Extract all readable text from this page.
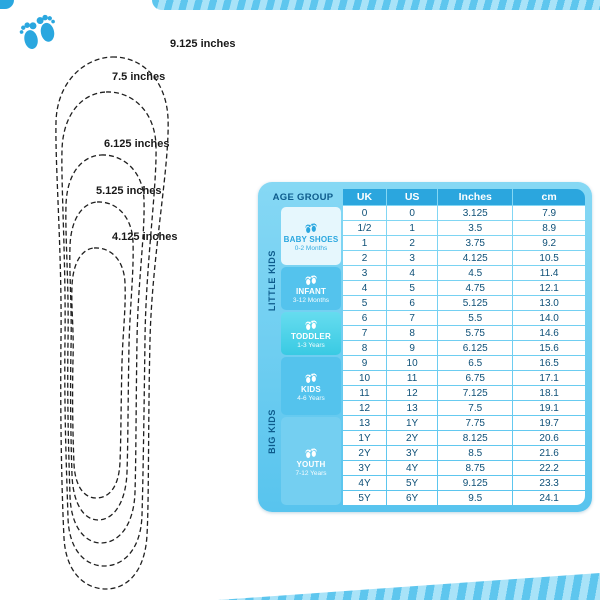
9.125 inches
7.5 inches
6.125 inches
5.125 inches
4.125 inches
AGE GROUP
LITTLE KIDS
BIG KIDS
BABY SHOES
0-2 Months
INFANT
3-12 Months
TODDLER
1-3 Years
KIDS
4-6 Years
YOUTH
7-12 Years
UK	US	Inches	cm
0	0	3.125	7.9
1/2	1	3.5	8.9
1	2	3.75	9.2
2	3	4.125	10.5
3	4	4.5	11.4
4	5	4.75	12.1
5	6	5.125	13.0
6	7	5.5	14.0
7	8	5.75	14.6
8	9	6.125	15.6
9	10	6.5	16.5
10	11	6.75	17.1
11	12	7.125	18.1
12	13	7.5	19.1
13	1Y	7.75	19.7
1Y	2Y	8.125	20.6
2Y	3Y	8.5	21.6
3Y	4Y	8.75	22.2
4Y	5Y	9.125	23.3
5Y	6Y	9.5	24.1
